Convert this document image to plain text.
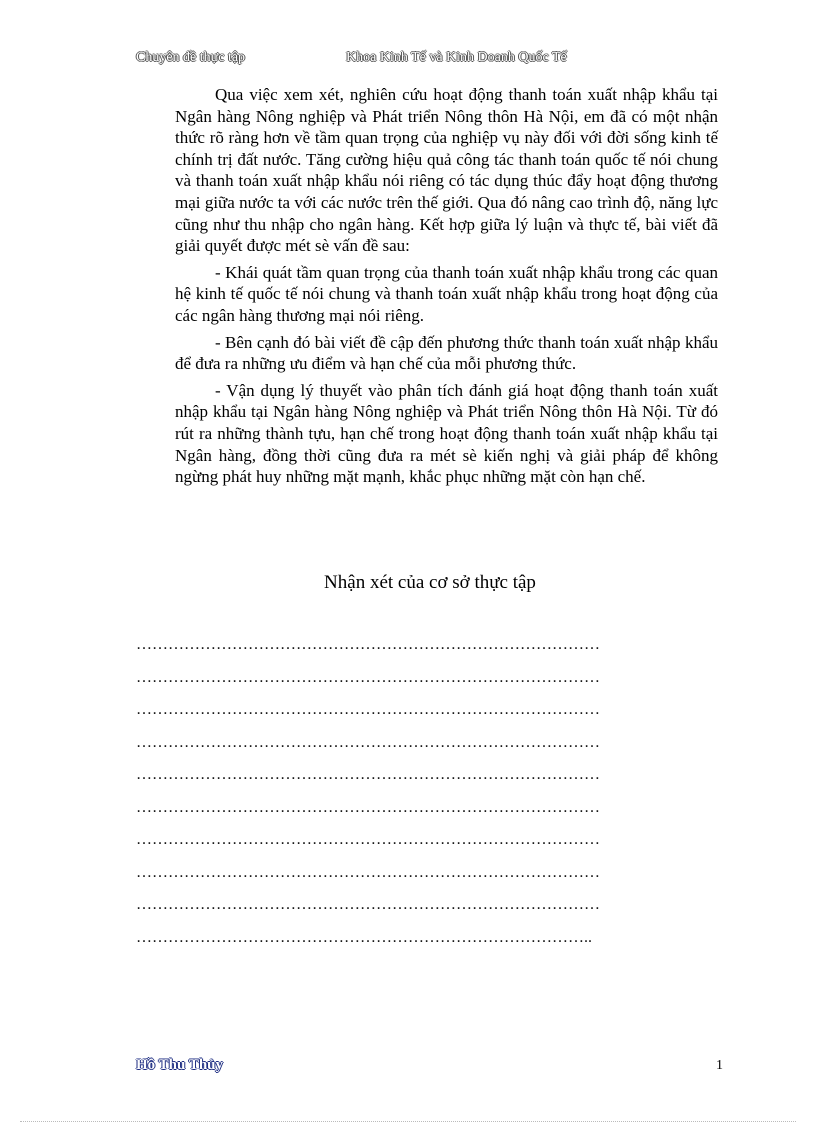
Chuyên đề thực tập	Khoa Kinh Tế và Kinh Doanh Quốc Tế

Qua việc xem xét, nghiên cứu hoạt động thanh toán xuất nhập khẩu tại Ngân hàng Nông nghiệp và Phát triển Nông thôn Hà Nội, em đã có một nhận thức rõ ràng hơn về tầm quan trọng của nghiệp vụ này đối với đời sống kinh tế chính trị đất nước. Tăng cường hiệu quả công tác thanh toán quốc tế nói chung và thanh toán xuất nhập khẩu nói riêng có tác dụng thúc đẩy hoạt động thương mại giữa nước ta với các nước trên thế giới. Qua đó nâng cao trình độ, năng lực cũng như thu nhập cho ngân hàng. Kết hợp giữa lý luận và thực tế, bài viết đã giải quyết được mét sè vấn đề sau:

- Khái quát tầm quan trọng của thanh toán xuất nhập khẩu trong các quan hệ kinh tế quốc tế nói chung và thanh toán xuất nhập khẩu trong hoạt động của các ngân hàng thương mại nói riêng.

- Bên cạnh đó bài viết đề cập đến phương thức thanh toán xuất nhập khẩu để đưa ra những ưu điểm và hạn chế của mỗi phương thức.

- Vận dụng lý thuyết vào phân tích đánh giá hoạt động thanh toán xuất nhập khẩu tại Ngân hàng Nông nghiệp và Phát triển Nông thôn Hà Nội. Từ đó rút ra những thành tựu, hạn chế trong hoạt động thanh toán xuất nhập khẩu tại Ngân hàng, đồng thời cũng đưa ra mét sè kiến nghị và giải pháp để không ngừng phát huy những mặt mạnh, khắc phục những mặt còn hạn chế.

Nhận xét của cơ sở thực tập
……………………………………………………………………………
……………………………………………………………………………
……………………………………………………………………………
……………………………………………………………………………
……………………………………………………………………………
……………………………………………………………………………
……………………………………………………………………………
……………………………………………………………………………
……………………………………………………………………………
…………………………………………………………………………..
Hồ Thu Thủy	1
